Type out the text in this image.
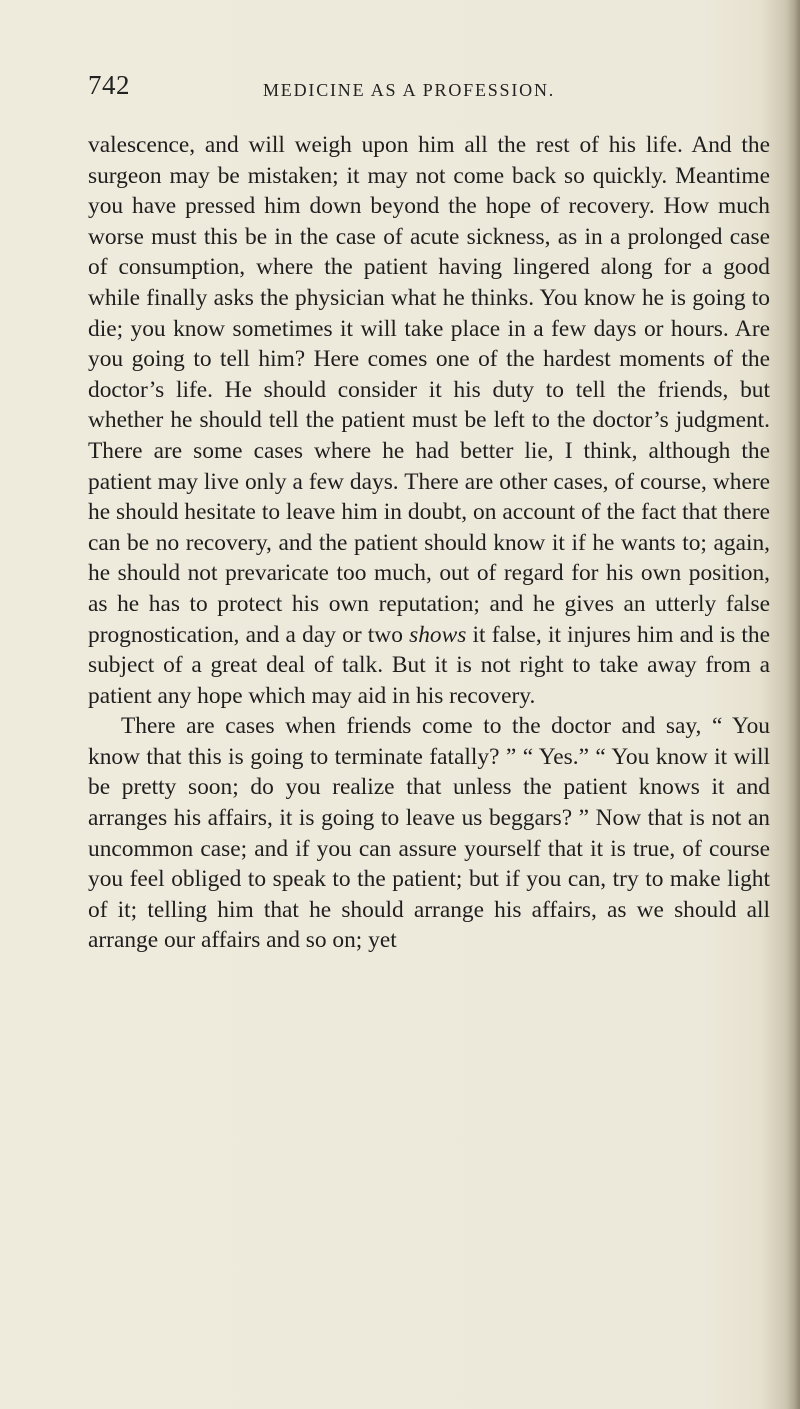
742	MEDICINE AS A PROFESSION.

valescence, and will weigh upon him all the rest of his life. And the surgeon may be mistaken; it may not come back so quickly. Meantime you have pressed him down beyond the hope of recovery. How much worse must this be in the case of acute sickness, as in a prolonged case of consumption, where the patient having lingered along for a good while finally asks the physician what he thinks. You know he is going to die; you know sometimes it will take place in a few days or hours. Are you going to tell him? Here comes one of the hardest moments of the doctor’s life. He should consider it his duty to tell the friends, but whether he should tell the patient must be left to the doctor’s judgment. There are some cases where he had better lie, I think, although the patient may live only a few days. There are other cases, of course, where he should hesitate to leave him in doubt, on account of the fact that there can be no recovery, and the patient should know it if he wants to; again, he should not prevaricate too much, out of regard for his own position, as he has to protect his own reputation; and he gives an utterly false prognostication, and a day or two shows it false, it injures him and is the subject of a great deal of talk. But it is not right to take away from a patient any hope which may aid in his recovery.

There are cases when friends come to the doctor and say, “ You know that this is going to terminate fatally? ” “ Yes.” “ You know it will be pretty soon; do you realize that unless the patient knows it and arranges his affairs, it is going to leave us beggars? ” Now that is not an uncommon case; and if you can assure yourself that it is true, of course you feel obliged to speak to the patient; but if you can, try to make light of it; telling him that he should arrange his affairs, as we should all arrange our affairs and so on; yet
